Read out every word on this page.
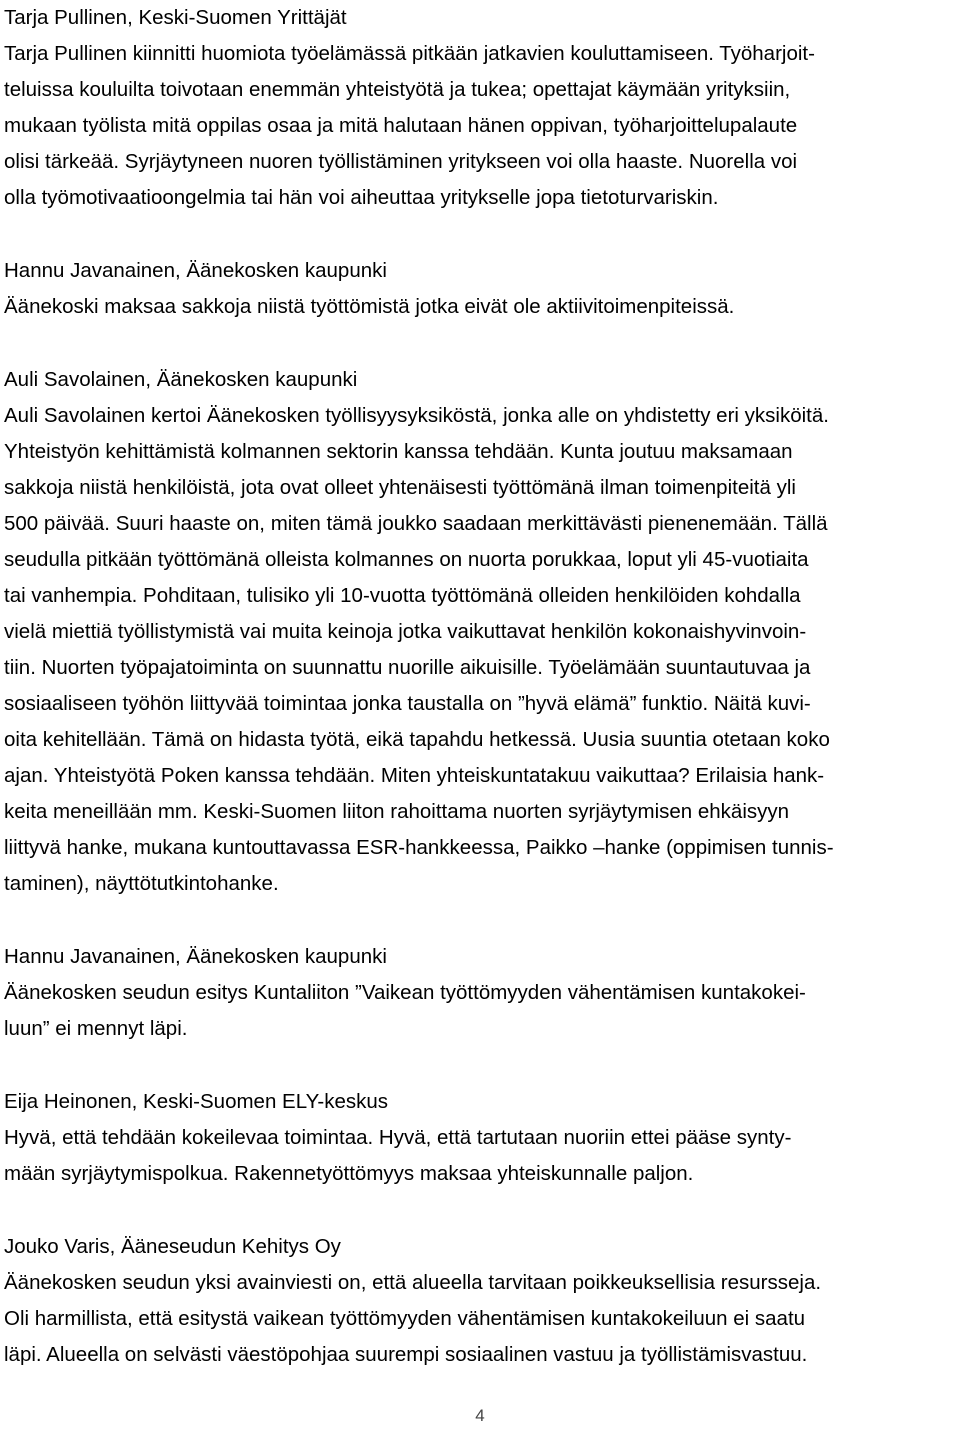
Tarja Pullinen, Keski-Suomen Yrittäjät
Tarja Pullinen kiinnitti huomiota työelämässä pitkään jatkavien kouluttamiseen. Työharjoit-
teluissa kouluilta toivotaan enemmän yhteistyötä ja tukea; opettajat käymään yrityksiin,
mukaan työlista mitä oppilas osaa ja mitä halutaan hänen oppivan, työharjoittelupalaute
olisi tärkeää. Syrjäytyneen nuoren työllistäminen yritykseen voi olla haaste. Nuorella voi
olla työmotivaatioongelmia tai hän voi aiheuttaa yritykselle jopa tietoturvariskin.
Hannu Javanainen, Äänekosken kaupunki
Äänekoski maksaa sakkoja niistä työttömistä jotka eivät ole aktiivitoimenpiteissä.
Auli Savolainen, Äänekosken kaupunki
Auli Savolainen kertoi Äänekosken työllisyysyksiköstä, jonka alle on yhdistetty eri yksiköitä.
Yhteistyön kehittämistä kolmannen sektorin kanssa tehdään. Kunta joutuu maksamaan
sakkoja niistä henkilöistä, jota ovat olleet yhtenäisesti työttömänä ilman toimenpiteitä yli
500 päivää. Suuri haaste on, miten tämä joukko saadaan merkittävästi pienenemään. Tällä
seudulla pitkään työttömänä olleista kolmannes on nuorta porukkaa, loput yli 45-vuotiaita
tai vanhempia. Pohditaan, tulisiko yli 10-vuotta työttömänä olleiden henkilöiden kohdalla
vielä miettiä työllistymistä vai muita keinoja jotka vaikuttavat henkilön kokonaishyvinvoin-
tiin. Nuorten työpajatoiminta on suunnattu nuorille aikuisille. Työelämään suuntautuvaa ja
sosiaaliseen työhön liittyvää toimintaa jonka taustalla on ”hyvä elämä” funktio. Näitä kuvi-
oita kehitellään. Tämä on hidasta työtä, eikä tapahdu hetkessä. Uusia suuntia otetaan koko
ajan. Yhteistyötä Poken kanssa tehdään. Miten yhteiskuntatakuu vaikuttaa? Erilaisia hank-
keita meneillään mm. Keski-Suomen liiton rahoittama nuorten syrjäytymisen ehkäisyyn
liittyvä hanke, mukana kuntouttavassa ESR-hankkeessa, Paikko –hanke (oppimisen tunnis-
taminen), näyttötutkintohanke.
Hannu Javanainen, Äänekosken kaupunki
Äänekosken seudun esitys Kuntaliiton ”Vaikean työttömyyden vähentämisen kuntakokei-
luun” ei mennyt läpi.
Eija Heinonen, Keski-Suomen ELY-keskus
Hyvä, että tehdään kokeilevaa toimintaa. Hyvä, että tartutaan nuoriin ettei pääse synty-
mään syrjäytymispolkua. Rakennetyöttömyys maksaa yhteiskunnalle paljon.
Jouko Varis, Ääneseudun Kehitys Oy
Äänekosken seudun yksi avainviesti on, että alueella tarvitaan poikkeuksellisia resursseja.
Oli harmillista, että esitystä vaikean työttömyyden vähentämisen kuntakokeiluun ei saatu
läpi. Alueella on selvästi väestöpohjaa suurempi sosiaalinen vastuu ja työllistämisvastuu.
4
